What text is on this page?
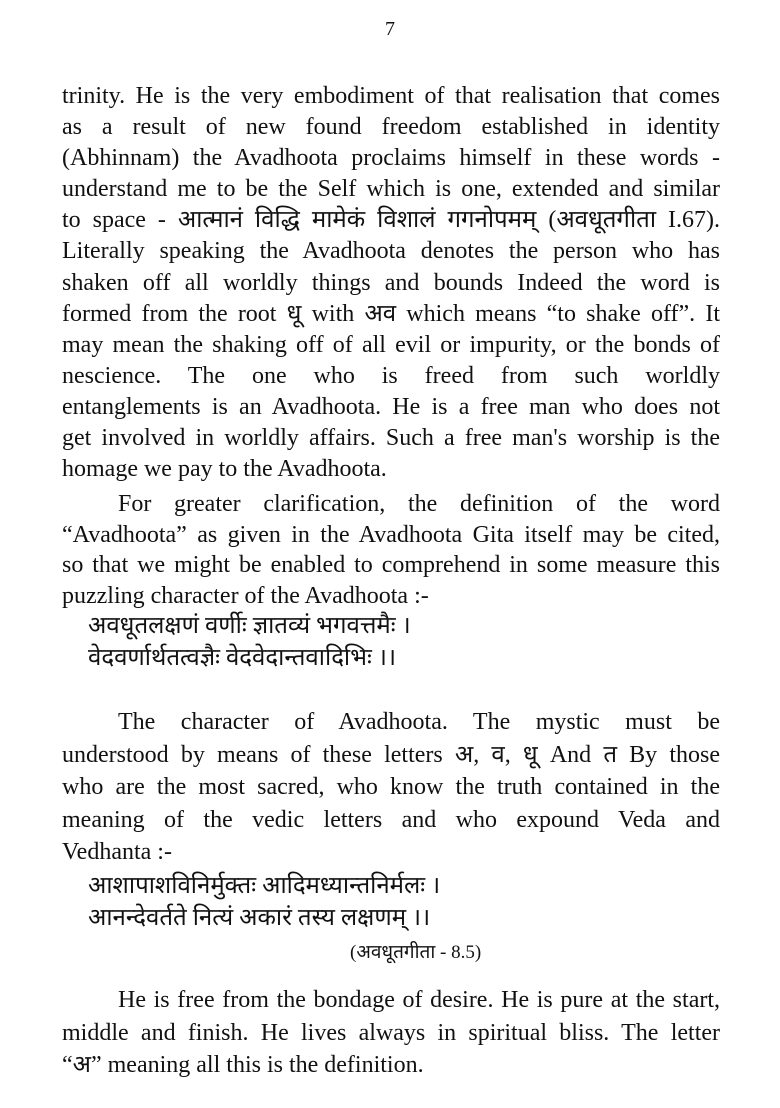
7
trinity. He is the very embodiment of that realisation that comes
as a result of new found freedom established in identity
(Abhinnam) the Avadhoota proclaims himself in these words -
understand me to be the Self which is one, extended and similar
to space - आत्मानं विद्धि मामेकं विशालं गगनोपमम् (अवधूतगीता I.67).
Literally speaking the Avadhoota denotes the person who has
shaken off all worldly things and bounds Indeed the word is
formed from the root धू with अव which means “to shake off”. It
may mean the shaking off of all evil or impurity, or the bonds of
nescience. The one who is freed from such worldly
entanglements is an Avadhoota. He is a free man who does not
get involved in worldly affairs. Such a free man's worship is the
homage we pay to the Avadhoota.
For greater clarification, the definition of the word
“Avadhoota” as given in the Avadhoota Gita itself may be cited,
so that we might be enabled to comprehend in some measure this
puzzling character of the Avadhoota :-
अवधूतलक्षणं वर्णीः ज्ञातव्यं भगवत्तमैः ।
वेदवर्णार्थतत्वज्ञैः वेदवेदान्तवादिभिः ।।
The character of Avadhoota. The mystic must be
understood by means of these letters अ, व, धू And त By those
who are the most sacred, who know the truth contained in the
meaning of the vedic letters and who expound Veda and
Vedhanta :-
आशापाशविनिर्मुक्तः आदिमध्यान्तनिर्मलः ।
आनन्देवर्तते नित्यं अकारं तस्य लक्षणम् ।।
(अवधूतगीता - 8.5)
He is free from the bondage of desire. He is pure at the start,
middle and finish. He lives always in spiritual bliss. The letter
“अ” meaning all this is the definition.
